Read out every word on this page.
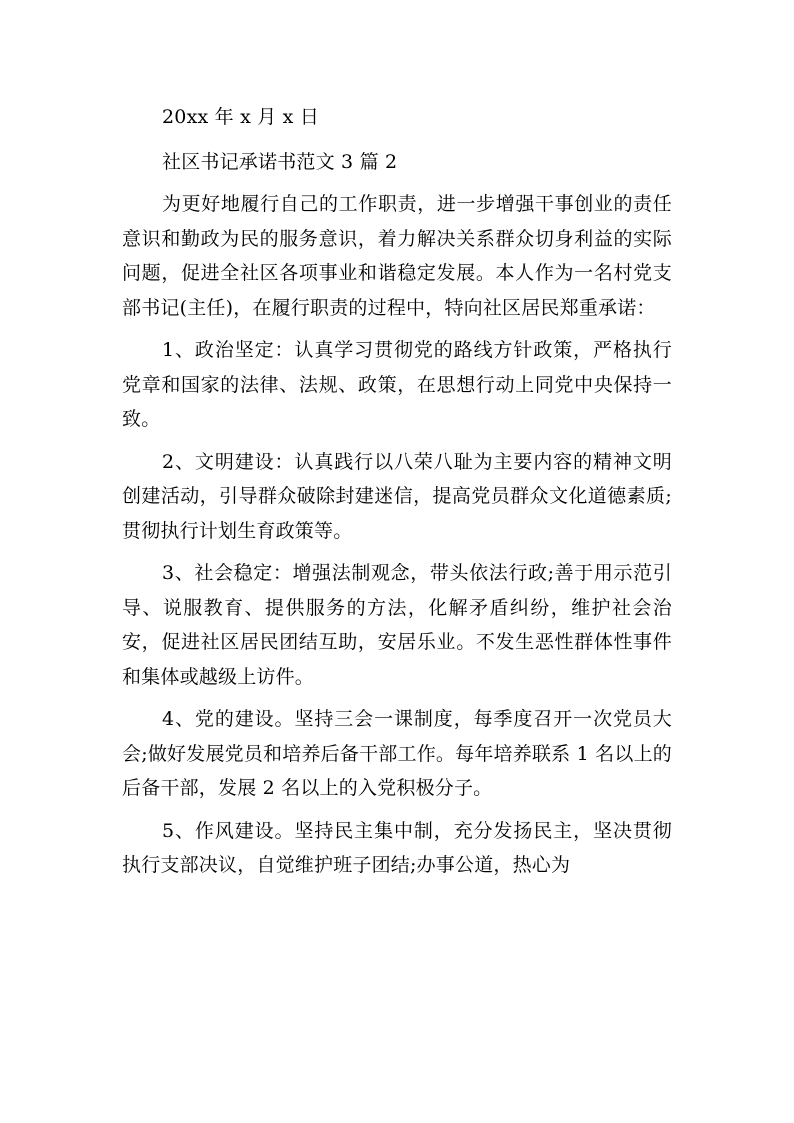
20xx 年 x 月 x 日

社区书记承诺书范文 3 篇 2

为更好地履行自己的工作职责，进一步增强干事创业的责任意识和勤政为民的服务意识，着力解决关系群众切身利益的实际问题，促进全社区各项事业和谐稳定发展。本人作为一名村党支部书记(主任)，在履行职责的过程中，特向社区居民郑重承诺：

1、政治坚定：认真学习贯彻党的路线方针政策，严格执行党章和国家的法律、法规、政策，在思想行动上同党中央保持一致。

2、文明建设：认真践行以八荣八耻为主要内容的精神文明创建活动，引导群众破除封建迷信，提高党员群众文化道德素质;贯彻执行计划生育政策等。

3、社会稳定：增强法制观念，带头依法行政;善于用示范引导、说服教育、提供服务的方法，化解矛盾纠纷，维护社会治安，促进社区居民团结互助，安居乐业。不发生恶性群体性事件和集体或越级上访件。

4、党的建设。坚持三会一课制度，每季度召开一次党员大会;做好发展党员和培养后备干部工作。每年培养联系 1 名以上的后备干部，发展 2 名以上的入党积极分子。

5、作风建设。坚持民主集中制，充分发扬民主，坚决贯彻执行支部决议，自觉维护班子团结;办事公道，热心为
